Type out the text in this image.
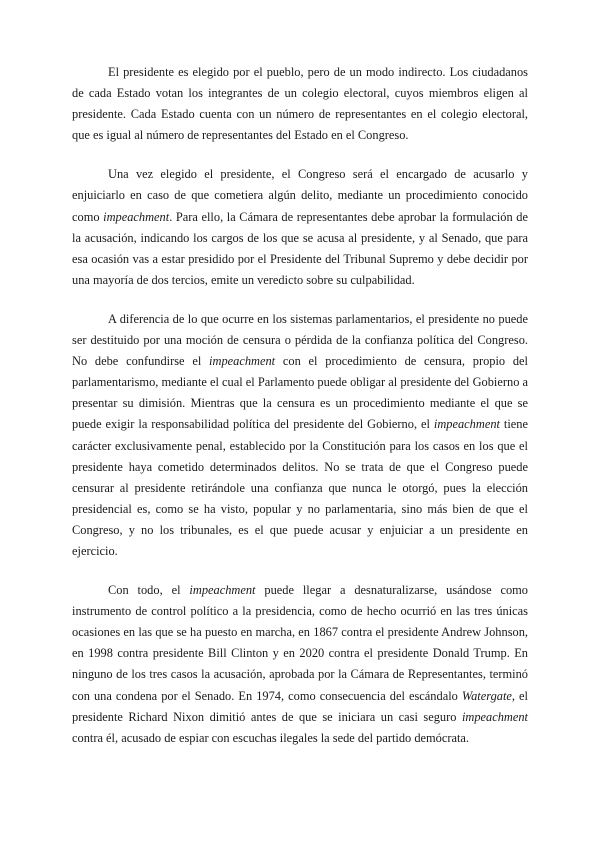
El presidente es elegido por el pueblo, pero de un modo indirecto. Los ciudadanos de cada Estado votan los integrantes de un colegio electoral, cuyos miembros eligen al presidente. Cada Estado cuenta con un número de representantes en el colegio electoral, que es igual al número de representantes del Estado en el Congreso.

Una vez elegido el presidente, el Congreso será el encargado de acusarlo y enjuiciarlo en caso de que cometiera algún delito, mediante un procedimiento conocido como impeachment. Para ello, la Cámara de representantes debe aprobar la formulación de la acusación, indicando los cargos de los que se acusa al presidente, y al Senado, que para esa ocasión vas a estar presidido por el Presidente del Tribunal Supremo y debe decidir por una mayoría de dos tercios, emite un veredicto sobre su culpabilidad.

A diferencia de lo que ocurre en los sistemas parlamentarios, el presidente no puede ser destituido por una moción de censura o pérdida de la confianza política del Congreso. No debe confundirse el impeachment con el procedimiento de censura, propio del parlamentarismo, mediante el cual el Parlamento puede obligar al presidente del Gobierno a presentar su dimisión. Mientras que la censura es un procedimiento mediante el que se puede exigir la responsabilidad política del presidente del Gobierno, el impeachment tiene carácter exclusivamente penal, establecido por la Constitución para los casos en los que el presidente haya cometido determinados delitos. No se trata de que el Congreso puede censurar al presidente retirándole una confianza que nunca le otorgó, pues la elección presidencial es, como se ha visto, popular y no parlamentaria, sino más bien de que el Congreso, y no los tribunales, es el que puede acusar y enjuiciar a un presidente en ejercicio.

Con todo, el impeachment puede llegar a desnaturalizarse, usándose como instrumento de control político a la presidencia, como de hecho ocurrió en las tres únicas ocasiones en las que se ha puesto en marcha, en 1867 contra el presidente Andrew Johnson, en 1998 contra presidente Bill Clinton y en 2020 contra el presidente Donald Trump. En ninguno de los tres casos la acusación, aprobada por la Cámara de Representantes, terminó con una condena por el Senado. En 1974, como consecuencia del escándalo Watergate, el presidente Richard Nixon dimitió antes de que se iniciara un casi seguro impeachment contra él, acusado de espiar con escuchas ilegales la sede del partido demócrata.
